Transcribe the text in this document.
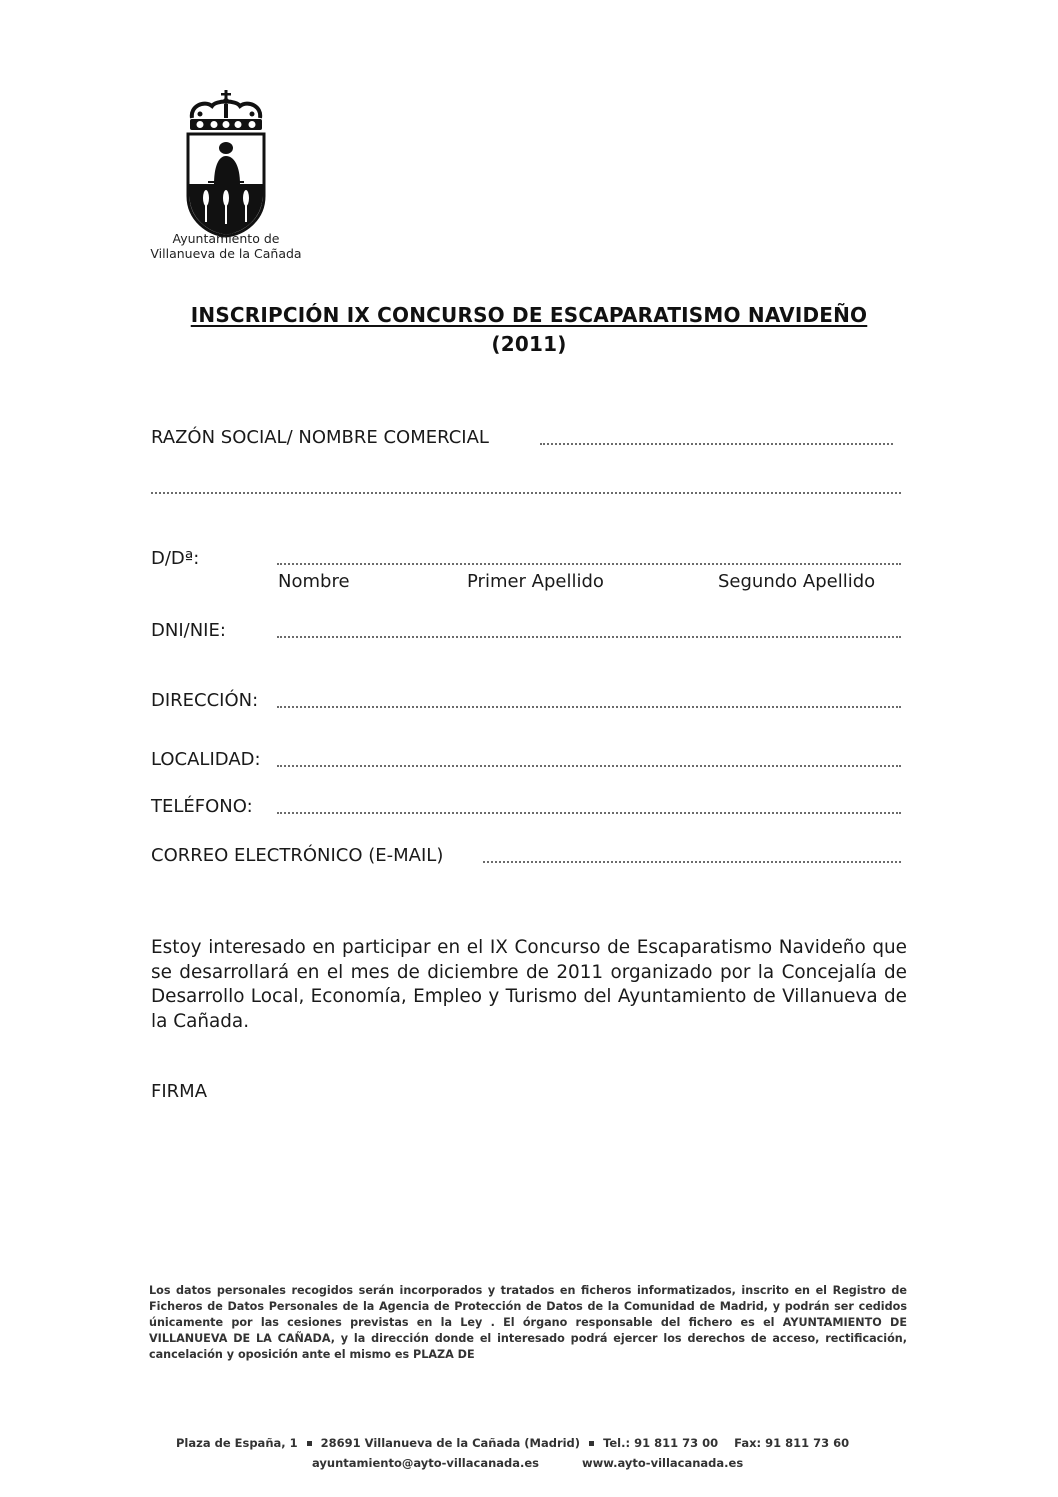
Ayuntamiento de
Villanueva de la Cañada
INSCRIPCIÓN IX CONCURSO DE ESCAPARATISMO NAVIDEÑO
(2011)
RAZÓN SOCIAL/ NOMBRE COMERCIAL
D/Dª:
Nombre	Primer Apellido	Segundo Apellido
DNI/NIE:
DIRECCIÓN:
LOCALIDAD:
TELÉFONO:
CORREO ELECTRÓNICO (E-MAIL)
Estoy interesado en participar en el IX Concurso de Escaparatismo Navideño que se desarrollará en el mes de diciembre de 2011 organizado por la Concejalía de Desarrollo Local, Economía, Empleo y Turismo del Ayuntamiento de Villanueva de la Cañada.
FIRMA
Los datos personales recogidos serán incorporados y tratados en ficheros informatizados, inscrito en el Registro de Ficheros de Datos Personales de la Agencia de Protección de Datos de la Comunidad de Madrid, y podrán ser cedidos únicamente por las cesiones previstas en la Ley . El órgano responsable del fichero es el AYUNTAMIENTO DE VILLANUEVA DE LA CAÑADA, y la dirección donde el interesado podrá ejercer los derechos de acceso, rectificación, cancelación y oposición ante el mismo es PLAZA DE
Plaza de España, 1 28691 Villanueva de la Cañada (Madrid) Tel.: 91 811 73 00 Fax: 91 811 73 60
ayuntamiento@ayto-villacanada.es	www.ayto-villacanada.es
